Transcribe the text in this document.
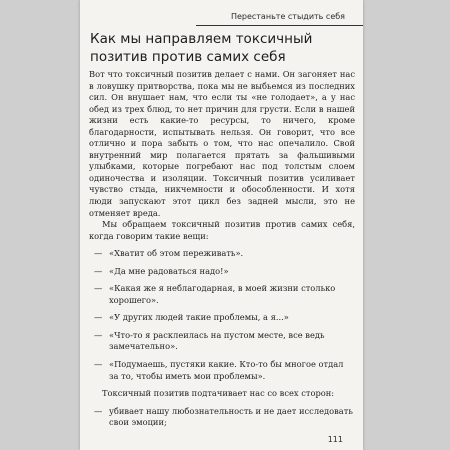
Перестаньте стыдить себя
Как мы направляем токсичный позитив против самих себя

Вот что токсичный позитив делает с нами. Он загоняет нас в ловушку притворства, пока мы не выбьемся из последних сил. Он внушает нам, что если ты «не голодает», а у нас обед из трех блюд, то нет причин для грусти. Если в нашей жизни есть какие-то ресурсы, то ничего, кроме благодарности, испытывать нельзя. Он говорит, что все отлично и пора забыть о том, что нас опечалило. Свой внутренний мир полагается прятать за фальшивыми улыбками, которые погребают нас под толстым слоем одиночества и изоляции. Токсичный позитив усиливает чувство стыда, никчемности и обособленности. И хотя люди запускают этот цикл без задней мысли, это не отменяет вреда.

Мы обращаем токсичный позитив против самих себя, когда говорим такие вещи:

— «Хватит об этом переживать».
— «Да мне радоваться надо!»
— «Какая же я неблагодарная, в моей жизни столько хорошего».
— «У других людей такие проблемы, а я...»
— «Что-то я расклеилась на пустом месте, все ведь замечательно».
— «Подумаешь, пустяки какие. Кто-то бы многое отдал за то, чтобы иметь мои проблемы».

Токсичный позитив подтачивает нас со всех сторон:

— убивает нашу любознательность и не дает исследовать свои эмоции;
111
